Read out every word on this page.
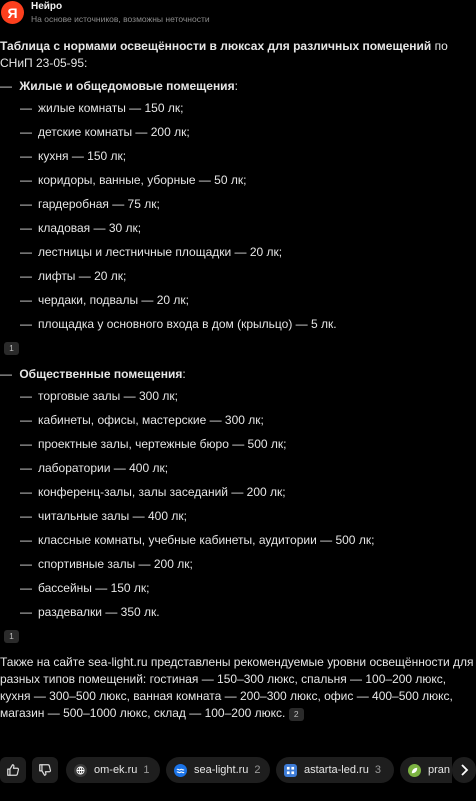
Я	Нейро
На основе источников, возможны неточности

Таблица с нормами освещённости в люксах для различных помещений по СНиП 23-05-95:

— Жилые и общедомовые помещения:
— жилые комнаты — 150 лк;
— детские комнаты — 200 лк;
— кухня — 150 лк;
— коридоры, ванные, уборные — 50 лк;
— гардеробная — 75 лк;
— кладовая — 30 лк;
— лестницы и лестничные площадки — 20 лк;
— лифты — 20 лк;
— чердаки, подвалы — 20 лк;
— площадка у основного входа в дом (крыльцо) — 5 лк.
1
— Общественные помещения:
— торговые залы — 300 лк;
— кабинеты, офисы, мастерские — 300 лк;
— проектные залы, чертежные бюро — 500 лк;
— лаборатории — 400 лк;
— конференц-залы, залы заседаний — 200 лк;
— читальные залы — 400 лк;
— классные комнаты, учебные кабинеты, аудитории — 500 лк;
— спортивные залы — 200 лк;
— бассейны — 150 лк;
— раздевалки — 350 лк.
1

Также на сайте sea-light.ru представлены рекомендуемые уровни освещённости для разных типов помещений: гостиная — 150–300 люкс, спальня — 100–200 люкс, кухня — 300–500 люкс, ванная комната — 200–300 люкс, офис — 400–500 люкс, магазин — 500–1000 люкс, склад — 100–200 люкс. 2

om-ek.ru 1	sea-light.ru 2	astarta-led.ru 3	pran
